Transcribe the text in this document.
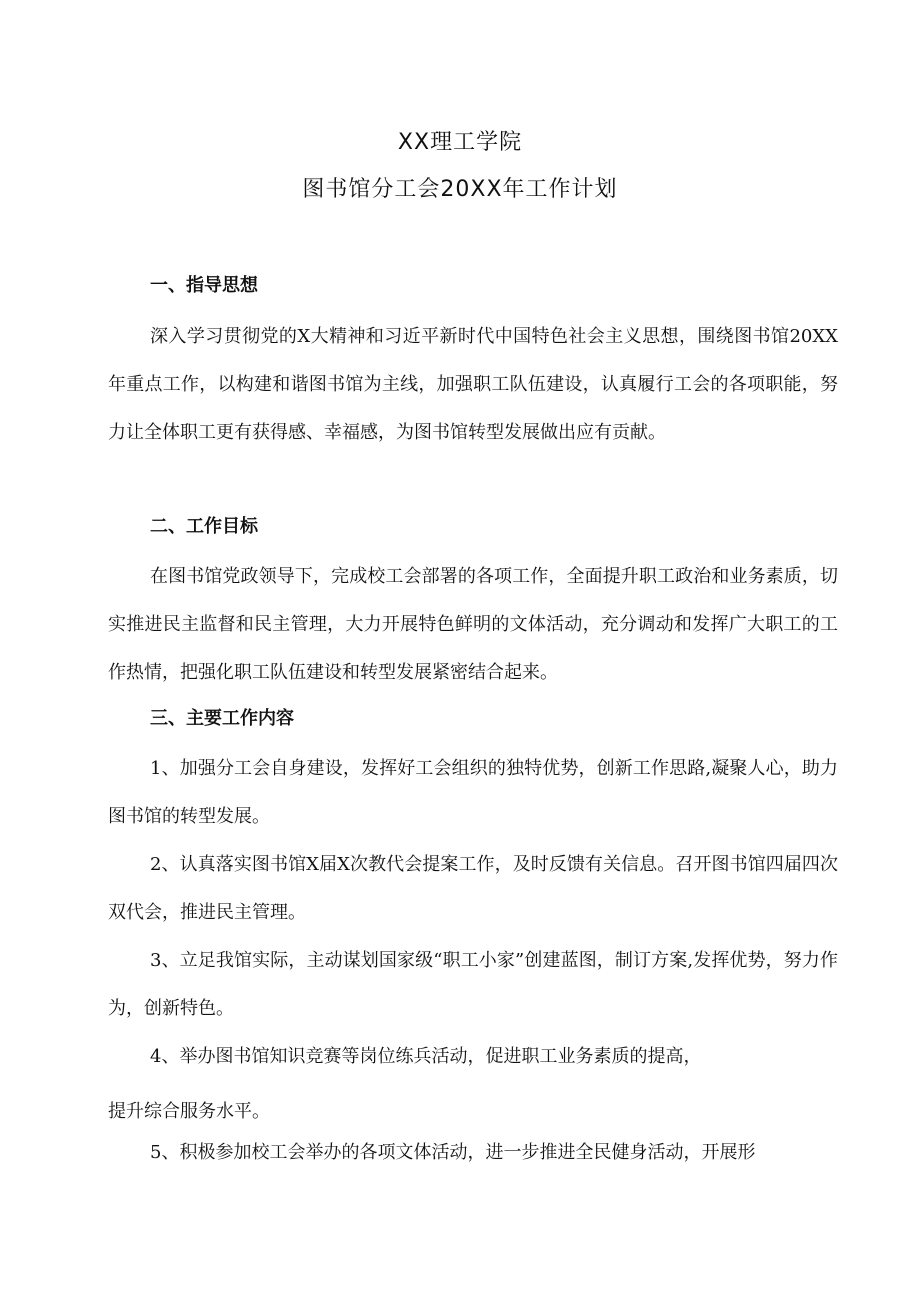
XX理工学院
图书馆分工会20XX年工作计划
一、指导思想
深入学习贯彻党的X大精神和习近平新时代中国特色社会主义思想，围绕图书馆20XX年重点工作，以构建和谐图书馆为主线，加强职工队伍建设，认真履行工会的各项职能，努力让全体职工更有获得感、幸福感，为图书馆转型发展做出应有贡献。
二、工作目标
在图书馆党政领导下，完成校工会部署的各项工作，全面提升职工政治和业务素质，切实推进民主监督和民主管理，大力开展特色鲜明的文体活动，充分调动和发挥广大职工的工作热情，把强化职工队伍建设和转型发展紧密结合起来。
三、主要工作内容
1、加强分工会自身建设，发挥好工会组织的独特优势，创新工作思路,凝聚人心，助力图书馆的转型发展。
2、认真落实图书馆X届X次教代会提案工作，及时反馈有关信息。召开图书馆四届四次双代会，推进民主管理。
3、立足我馆实际，主动谋划国家级“职工小家”创建蓝图，制订方案,发挥优势，努力作为，创新特色。
4、举办图书馆知识竞赛等岗位练兵活动，促进职工业务素质的提高，
提升综合服务水平。
5、积极参加校工会举办的各项文体活动，进一步推进全民健身活动，开展形
